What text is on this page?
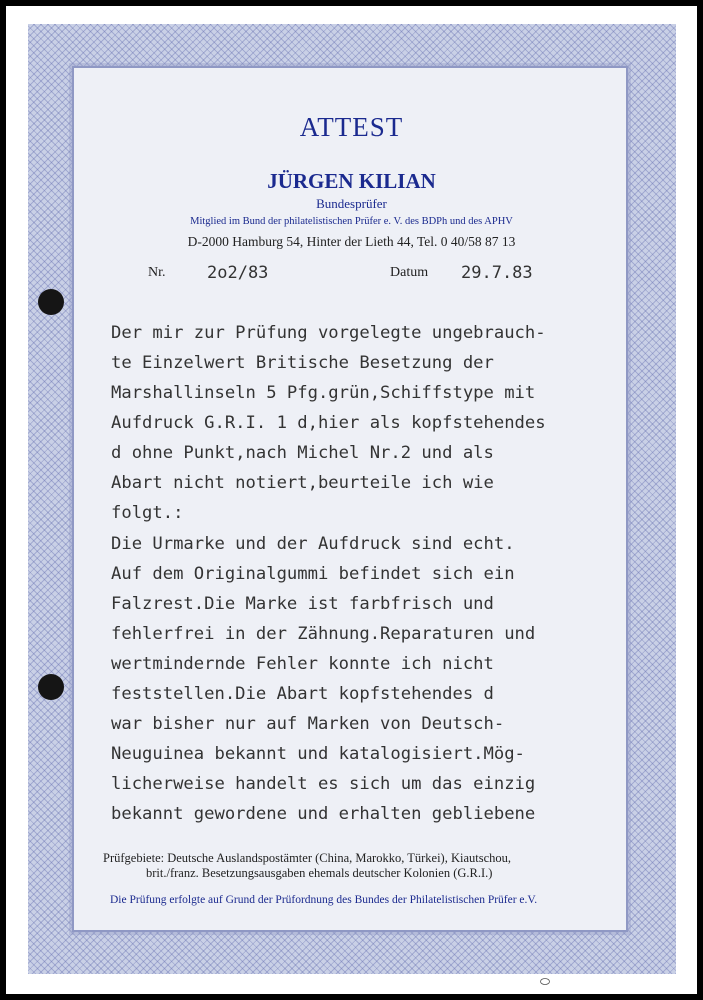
ATTEST
JÜRGEN KILIAN
Bundesprüfer
Mitglied im Bund der philatelistischen Prüfer e. V. des BDPh und des APHV
D-2000 Hamburg 54, Hinter der Lieth 44, Tel. 0 40/58 87 13
Nr. 2o2/83	Datum 29.7.83
Der mir zur Prüfung vorgelegte ungebrauch-
te Einzelwert Britische Besetzung der
Marshallinseln 5 Pfg.grün,Schiffstype mit
Aufdruck G.R.I. 1 d,hier als kopfstehendes
d ohne Punkt,nach Michel Nr.2 und als
Abart nicht notiert,beurteile ich wie
folgt.:
Die Urmarke und der Aufdruck sind echt.
Auf dem Originalgummi befindet sich ein
Falzrest.Die Marke ist farbfrisch und
fehlerfrei in der Zähnung.Reparaturen und
wertmindernde Fehler konnte ich nicht
feststellen.Die Abart kopfstehendes d
war bisher nur auf Marken von Deutsch-
Neuguinea bekannt und katalogisiert.Mög-
licherweise handelt es sich um das einzig
bekannt gewordene und erhalten gebliebene
Prüfgebiete: Deutsche Auslandspostämter (China, Marokko, Türkei), Kiautschou,
brit./franz. Besetzungsausgaben ehemals deutscher Kolonien (G.R.I.)
Die Prüfung erfolgte auf Grund der Prüfordnung des Bundes der Philatelistischen Prüfer e.V.
